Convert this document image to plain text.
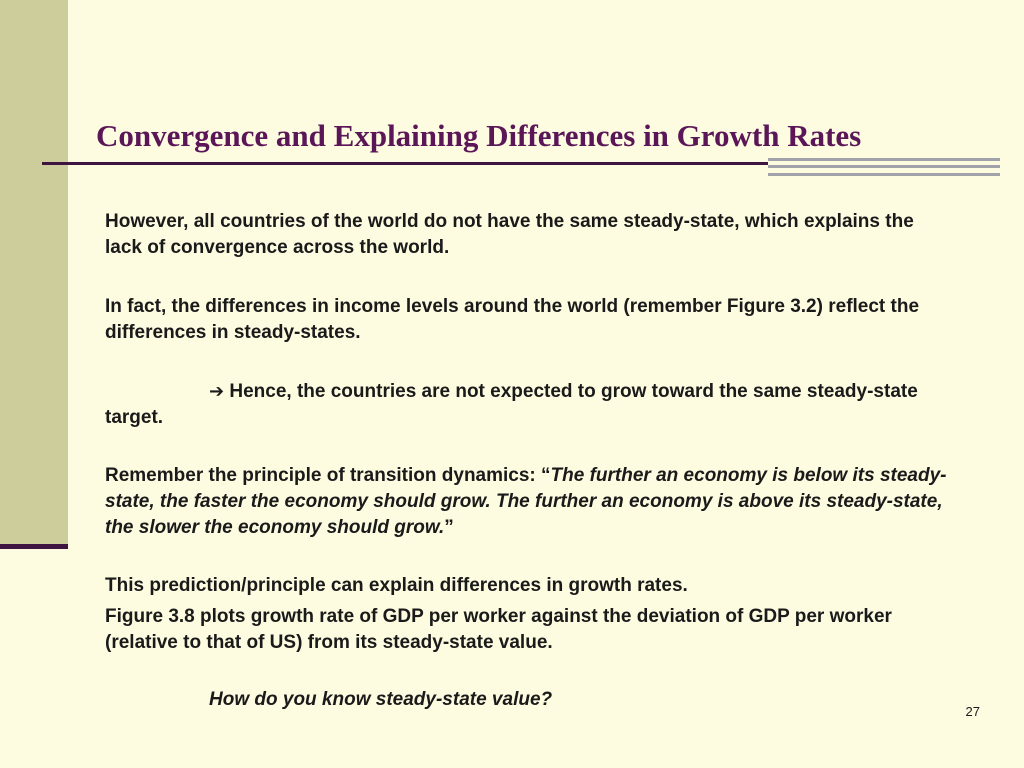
Convergence and Explaining Differences in Growth Rates
However, all countries of the world do not have the same steady-state, which explains the lack of convergence across the world.
In fact, the differences in income levels around the world (remember Figure 3.2) reflect the differences in steady-states.
➔ Hence, the countries are not expected to grow toward the same steady-state target.
Remember the principle of transition dynamics: “The further an economy is below its steady-state, the faster the economy should grow. The further an economy is above its steady-state, the slower the economy should grow.”
This prediction/principle can explain differences in growth rates.
Figure 3.8 plots growth rate of GDP per worker against the deviation of GDP per worker (relative to that of US) from its steady-state value.
How do you know steady-state value?
27
